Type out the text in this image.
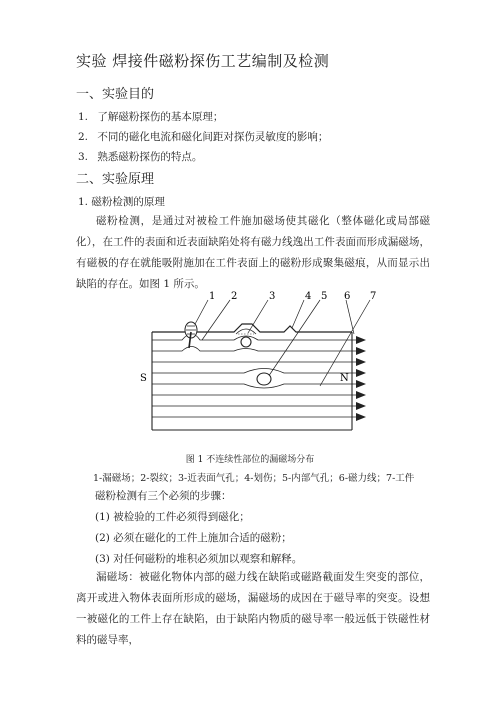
实验 焊接件磁粉探伤工艺编制及检测
一、实验目的
1. 了解磁粉探伤的基本原理；
2. 不同的磁化电流和磁化间距对探伤灵敏度的影响；
3. 熟悉磁粉探伤的特点。
二、实验原理
1. 磁粉检测的原理
磁粉检测，是通过对被检工件施加磁场使其磁化（整体磁化或局部磁化），在工件的表面和近表面缺陷处将有磁力线逸出工件表面而形成漏磁场，有磁极的存在就能吸附施加在工件表面上的磁粉形成聚集磁痕，从而显示出缺陷的存在。如图 1 所示。
1 2	3	4 5 6 7
S	N
图 1 不连续性部位的漏磁场分布
1-漏磁场；2-裂纹；3-近表面气孔；4-划伤；5-内部气孔；6-磁力线；7-工件
磁粉检测有三个必须的步骤：
(1) 被检验的工件必须得到磁化；
(2) 必须在磁化的工件上施加合适的磁粉；
(3) 对任何磁粉的堆积必须加以观察和解释。
漏磁场：被磁化物体内部的磁力线在缺陷或磁路截面发生突变的部位，离开或进入物体表面所形成的磁场，漏磁场的成因在于磁导率的突变。设想一被磁化的工件上存在缺陷，由于缺陷内物质的磁导率一般远低于铁磁性材料的磁导率，
